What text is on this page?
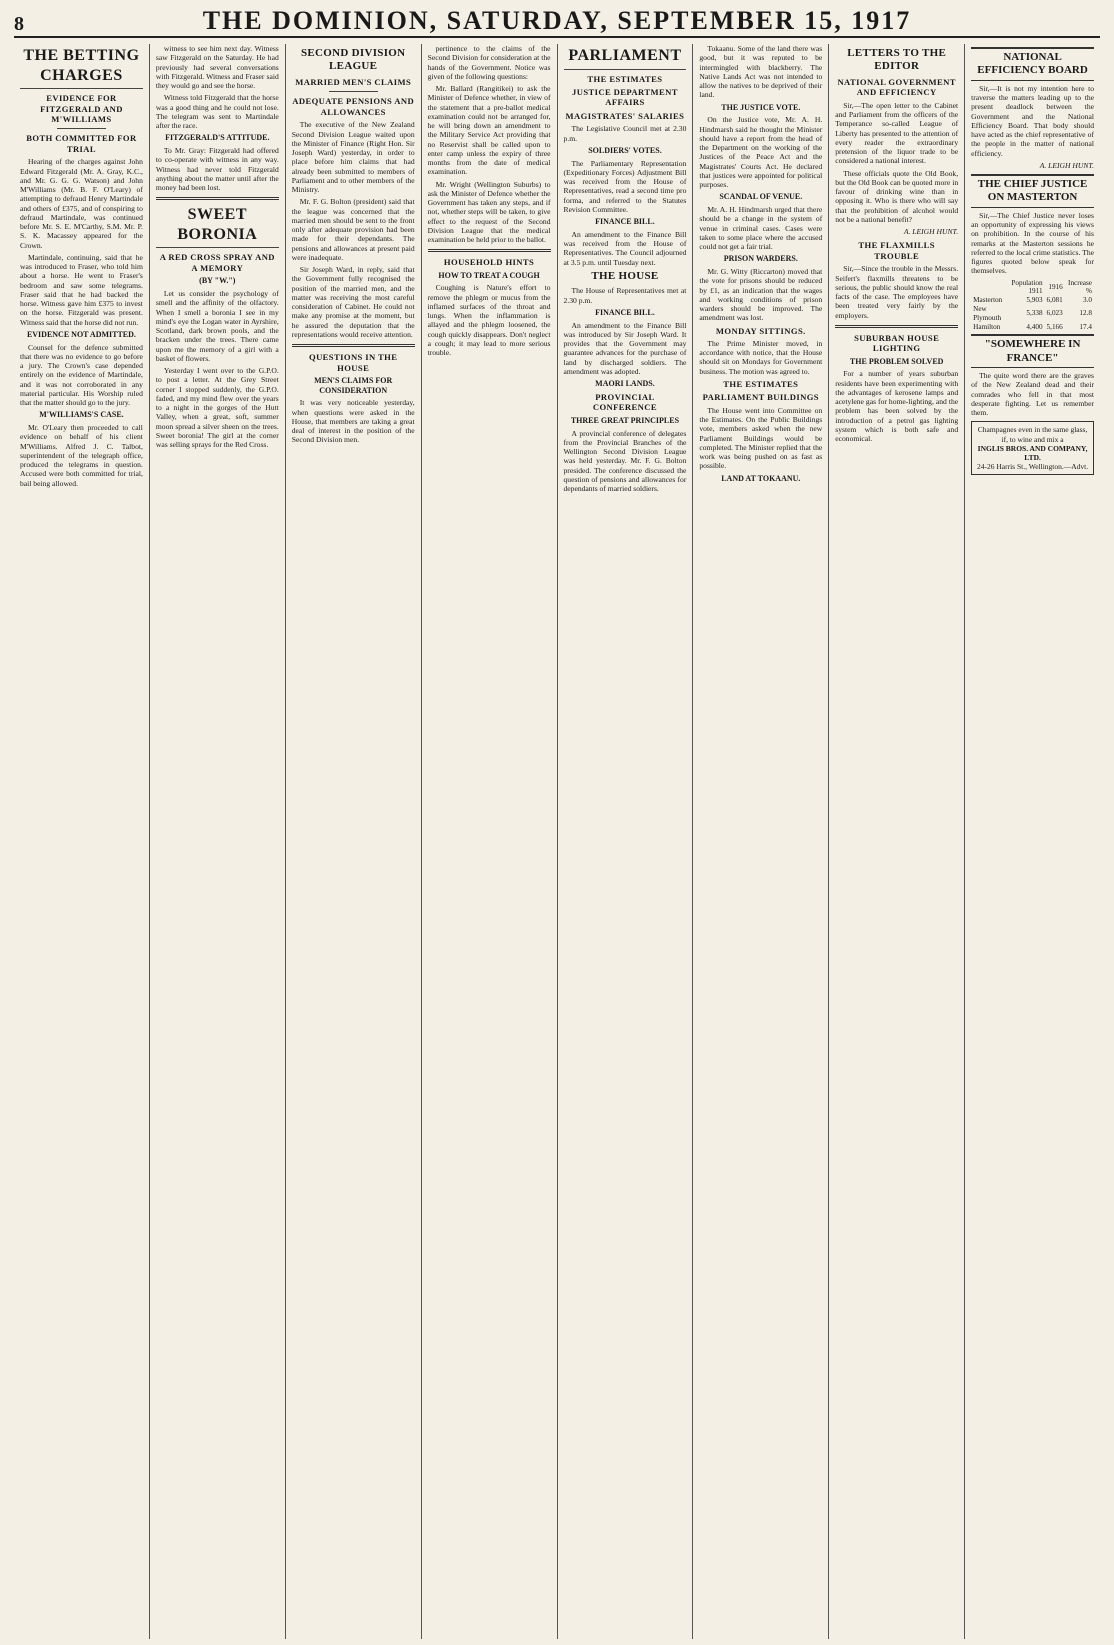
8	THE DOMINION, SATURDAY, SEPTEMBER 15, 1917
THE BETTING CHARGES
EVIDENCE FOR FITZGERALD AND M'WILLIAMS
BOTH COMMITTED FOR TRIAL

Hearing of the charges against John Edward Fitzgerald (Mr. A. Gray, K.C., and Mr. G. G. G. Watson) and John M'Williams (Mr. B. F. O'Leary) of attempting to defraud Henry Martindale and others of £375, and of conspiring to defraud Martindale, was continued before Mr. S. E. M'Carthy, S.M. Mr. P. S. K. Macassey appeared for the Crown.

Martindale, continuing, said that he was introduced to Fraser, who told him about a horse. He went to Fraser's bedroom and saw some telegrams. Fraser said that he had backed the horse. Witness gave him £375 to invest on the horse. Fitzgerald was present. Witness said that the horse did not run.

EVIDENCE NOT ADMITTED.

Counsel for the defence submitted that there was no evidence to go before a jury. The Crown's case depended entirely on the evidence of Martindale, and it was not corroborated in any material particular. His Worship ruled that the matter should go to the jury.

M'WILLIAMS'S CASE.

Mr. O'Leary then proceeded to call evidence on behalf of his client M'Williams. Alfred J. C. Talbot, superintendent of the telegraph office, produced the telegrams in question. Accused were both committed for trial, bail being allowed.

witness to see him next day. Witness saw Fitzgerald on the Saturday. He had previously had several conversations with Fitzgerald. Witness and Fraser said they would go and see the horse.

Witness told Fitzgerald that the horse was a good thing and he could not lose. The telegram was sent to Martindale after the race.

FITZGERALD'S ATTITUDE.

To Mr. Gray: Fitzgerald had offered to co-operate with witness in any way. Witness had never told Fitzgerald anything about the matter until after the money had been lost.

SWEET BORONIA
A RED CROSS SPRAY AND A MEMORY
(BY "W.")

Let us consider the psychology of smell and the affinity of the olfactory. When I smell a boronia I see in my mind's eye the Logan water in Ayrshire, Scotland, dark brown pools, and the bracken under the trees. There came upon me the memory of a girl with a basket of flowers.

Yesterday I went over to the G.P.O. to post a letter. At the Grey Street corner I stopped suddenly, the G.P.O. faded, and my mind flew over the years to a night in the gorges of the Hutt Valley, when a great, soft, summer moon spread a silver sheen on the trees. Sweet boronia! The girl at the corner was selling sprays for the Red Cross.

SECOND DIVISION LEAGUE
MARRIED MEN'S CLAIMS
ADEQUATE PENSIONS AND ALLOWANCES

The executive of the New Zealand Second Division League waited upon the Minister of Finance (Right Hon. Sir Joseph Ward) yesterday, in order to place before him claims that had already been submitted to members of Parliament and to other members of the Ministry.

Mr. F. G. Bolton (president) said that the league was concerned that the married men should be sent to the front only after adequate provision had been made for their dependants. The pensions and allowances at present paid were inadequate.

Sir Joseph Ward, in reply, said that the Government fully recognised the position of the married men, and the matter was receiving the most careful consideration of Cabinet. He could not make any promise at the moment, but he assured the deputation that the representations would receive attention.

QUESTIONS IN THE HOUSE
MEN'S CLAIMS FOR CONSIDERATION

It was very noticeable yesterday, when questions were asked in the House, that members are taking a great deal of interest in the position of the Second Division men.

pertinence to the claims of the Second Division for consideration at the hands of the Government. Notice was given of the following questions:

Mr. Ballard (Rangitikei) to ask the Minister of Defence whether, in view of the statement that a pre-ballot medical examination could not be arranged for, he will bring down an amendment to the Military Service Act providing that no Reservist shall be called upon to enter camp unless the expiry of three months from the date of medical examination.

Mr. Wright (Wellington Suburbs) to ask the Minister of Defence whether the Government has taken any steps, and if not, whether steps will be taken, to give effect to the request of the Second Division League that the medical examination be held prior to the ballot.

HOUSEHOLD HINTS
HOW TO TREAT A COUGH

Coughing is Nature's effort to remove the phlegm or mucus from the inflamed surfaces of the throat and lungs. When the inflammation is allayed and the phlegm loosened, the cough quickly disappears. Don't neglect a cough; it may lead to more serious trouble.

PARLIAMENT
THE ESTIMATES
JUSTICE DEPARTMENT AFFAIRS
MAGISTRATES' SALARIES

The Legislative Council met at 2.30 p.m.

SOLDIERS' VOTES.

The Parliamentary Representation (Expeditionary Forces) Adjustment Bill was received from the House of Representatives, read a second time pro forma, and referred to the Statutes Revision Committee.

FINANCE BILL.

An amendment to the Finance Bill was received from the House of Representatives. The Council adjourned at 3.5 p.m. until Tuesday next.

THE HOUSE

The House of Representatives met at 2.30 p.m.

FINANCE BILL.

An amendment to the Finance Bill was introduced by Sir Joseph Ward. It provides that the Government may guarantee advances for the purchase of land by discharged soldiers. The amendment was adopted.

MAORI LANDS.
PROVINCIAL CONFERENCE
THREE GREAT PRINCIPLES

A provincial conference of delegates from the Provincial Branches of the Wellington Second Division League was held yesterday. Mr. F. G. Bolton presided. The conference discussed the question of pensions and allowances for dependants of married soldiers.

Tokaanu. Some of the land there was good, but it was reputed to be intermingled with blackberry. The Native Lands Act was not intended to allow the natives to be deprived of their land.

THE JUSTICE VOTE.

On the Justice vote, Mr. A. H. Hindmarsh said he thought the Minister should have a report from the head of the Department on the working of the Justices of the Peace Act and the Magistrates' Courts Act. He declared that justices were appointed for political purposes.

SCANDAL OF VENUE.

Mr. A. H. Hindmarsh urged that there should be a change in the system of venue in criminal cases. Cases were taken to some place where the accused could not get a fair trial.

PRISON WARDERS.

Mr. G. Witty (Riccarton) moved that the vote for prisons should be reduced by £1, as an indication that the wages and working conditions of prison warders should be improved. The amendment was lost.

MONDAY SITTINGS.

The Prime Minister moved, in accordance with notice, that the House should sit on Mondays for Government business. The motion was agreed to.

THE ESTIMATES
PARLIAMENT BUILDINGS

The House went into Committee on the Estimates. On the Public Buildings vote, members asked when the new Parliament Buildings would be completed. The Minister replied that the work was being pushed on as fast as possible.

LAND AT TOKAANU.
LETTERS TO THE EDITOR
NATIONAL GOVERNMENT AND EFFICIENCY

Sir,—The open letter to the Cabinet and Parliament from the officers of the Temperance so-called League of Liberty has presented to the attention of every reader the extraordinary pretension of the liquor trade to be considered a national interest.

These officials quote the Old Book, but the Old Book can be quoted more in favour of drinking wine than in opposing it. Who is there who will say that the prohibition of alcohol would not be a national benefit?

A. LEIGH HUNT.
THE FLAXMILLS TROUBLE

Sir,—Since the trouble in the Messrs. Seifert's flaxmills threatens to be serious, the public should know the real facts of the case. The employees have been treated very fairly by the employers.

SUBURBAN HOUSE LIGHTING
THE PROBLEM SOLVED

For a number of years suburban residents have been experimenting with the advantages of kerosene lamps and acetylene gas for home-lighting, and the problem has been solved by the introduction of a petrol gas lighting system which is both safe and economical.

NATIONAL EFFICIENCY BOARD

Sir,—It is not my intention here to traverse the matters leading up to the present deadlock between the Government and the National Efficiency Board. That body should have acted as the chief representative of the people in the matter of national efficiency.

A. LEIGH HUNT.
THE CHIEF JUSTICE ON MASTERTON

Sir,—The Chief Justice never loses an opportunity of expressing his views on prohibition. In the course of his remarks at the Masterton sessions he referred to the local crime statistics. The figures quoted below speak for themselves.

	Population 1911	1916	Increase %
Masterton	5,903	6,081	3.0
New Plymouth	5,338	6,023	12.8
Hamilton	4,400	5,166	17.4
"SOMEWHERE IN FRANCE"

The quite word there are the graves of the New Zealand dead and their comrades who fell in that most desperate fighting. Let us remember them.

Champagnes even in the same glass, if, to wine and mix a
INGLIS BROS. AND COMPANY, LTD.
24-26 Harris St., Wellington.—Advt.
